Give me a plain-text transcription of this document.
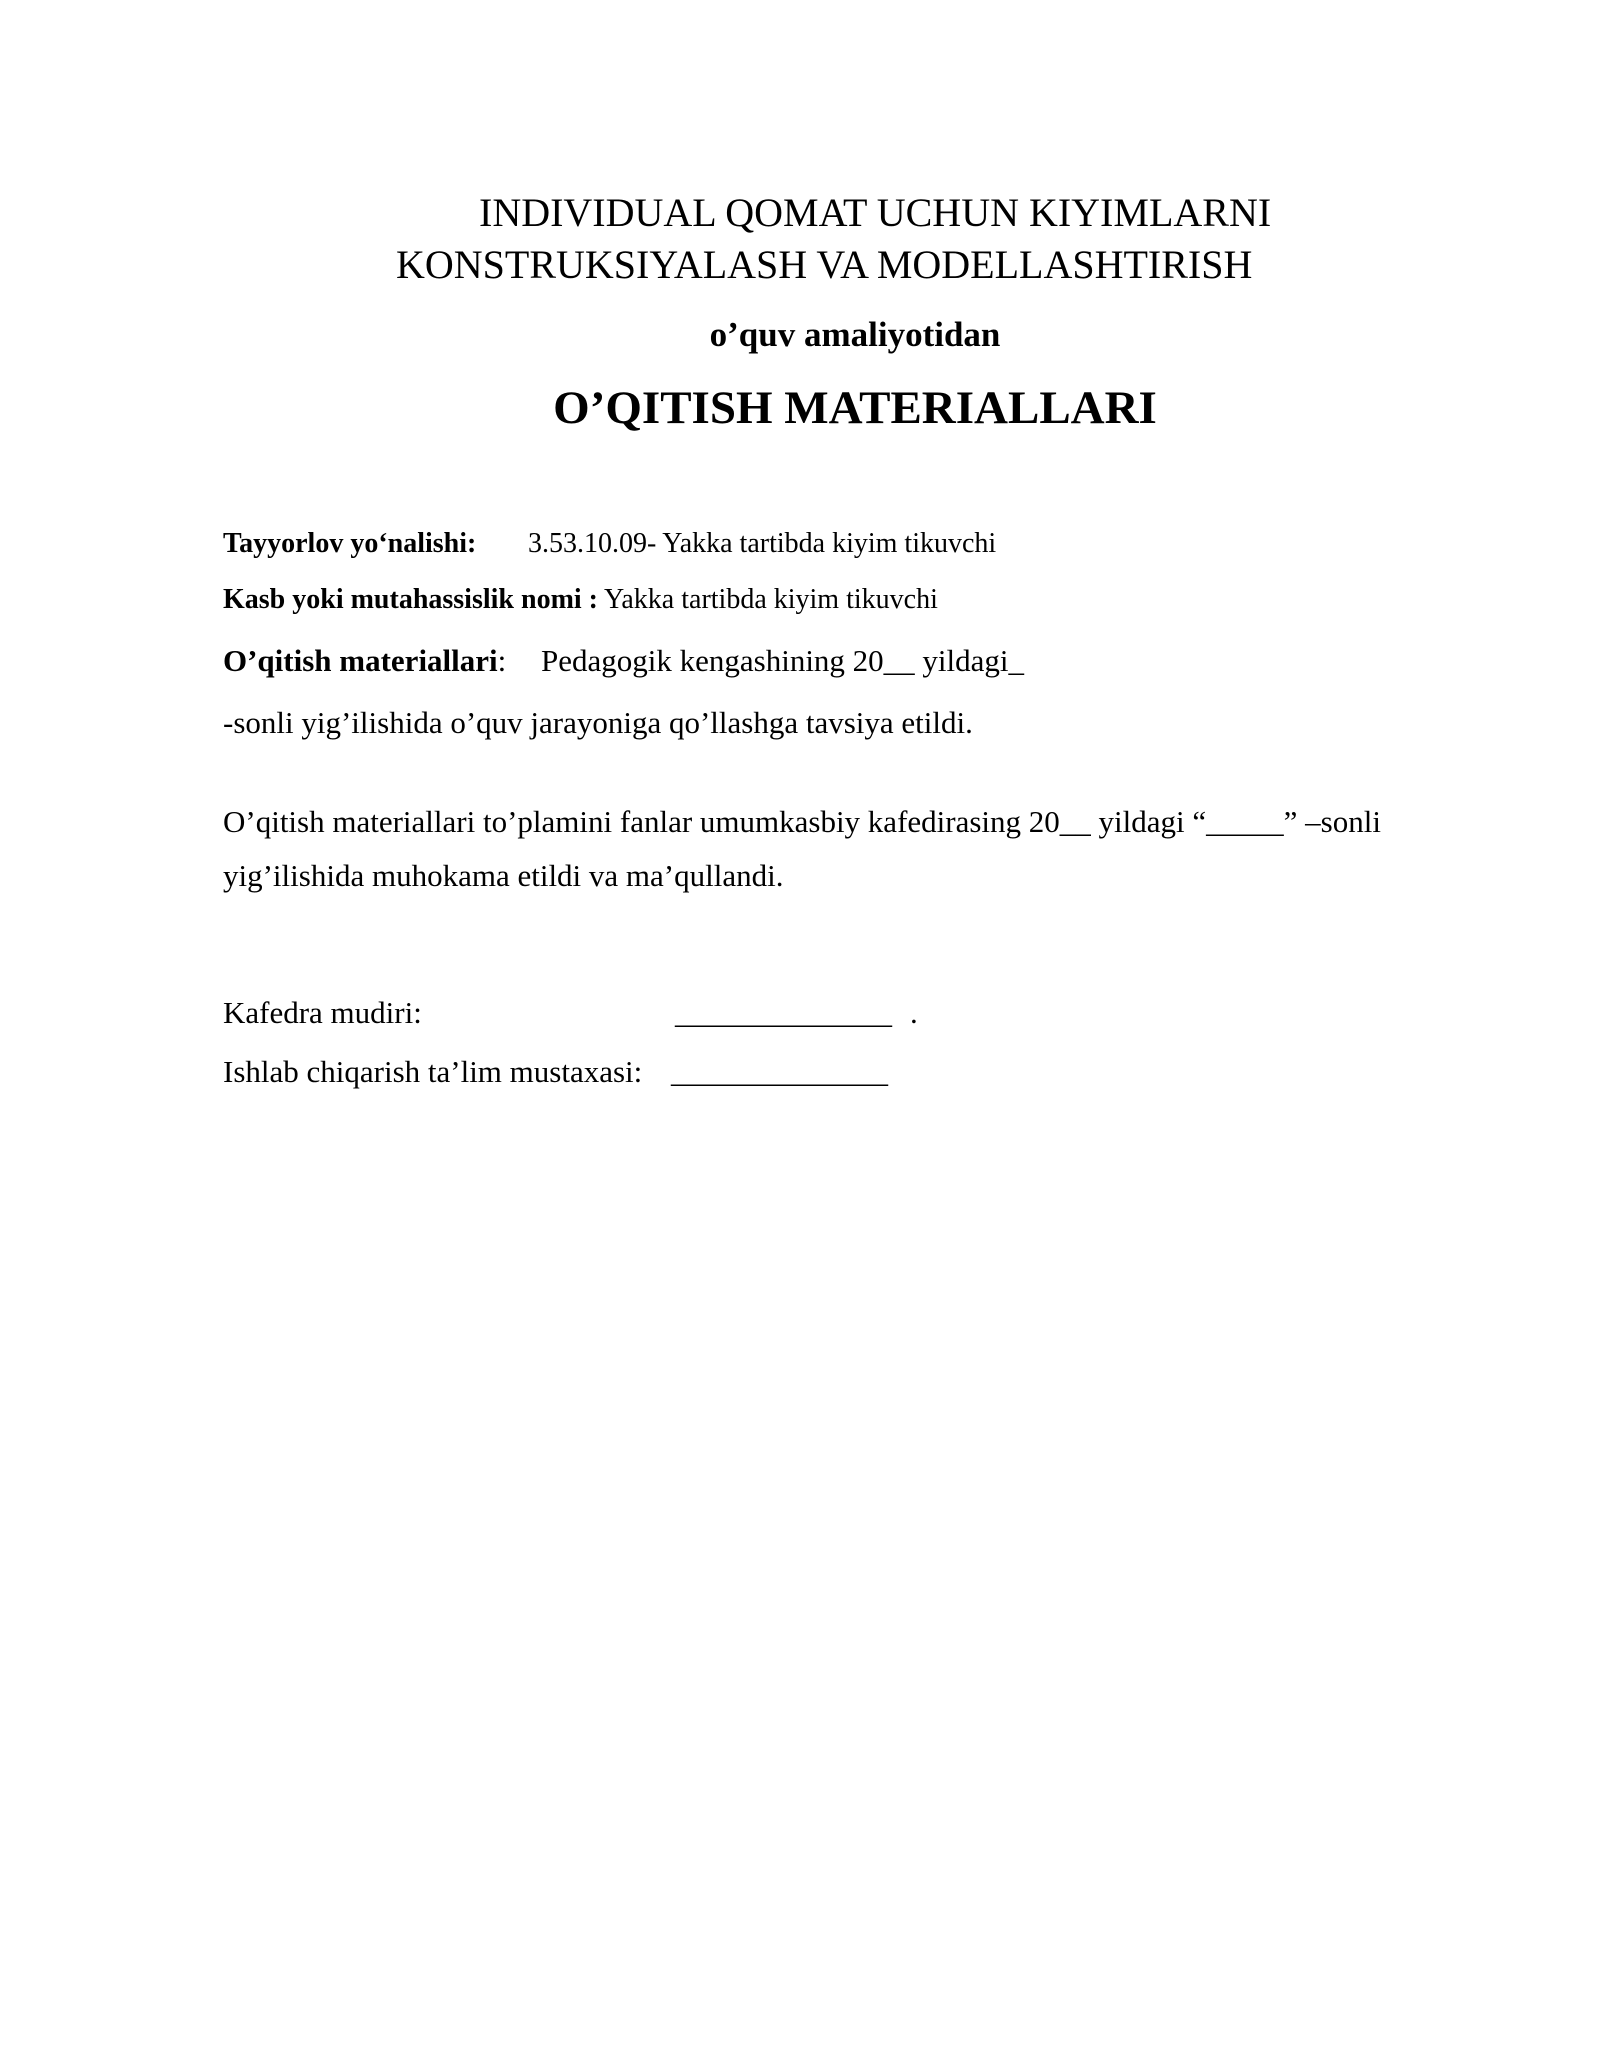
INDIVIDUAL QOMAT UCHUN KIYIMLARNI
KONSTRUKSIYALASH VA MODELLASHTIRISH
o’quv amaliyotidan
O’QITISH MATERIALLARI
Tayyorlov yo‘nalishi: 3.53.10.09- Yakka tartibda kiyim tikuvchi
Kasb yoki mutahassislik nomi : Yakka tartibda kiyim tikuvchi
O’qitish materiallari: Pedagogik kengashining 20__ yildagi_
-sonli yig’ilishida o’quv jarayoniga qo’llashga tavsiya etildi.
O’qitish materiallari to’plamini fanlar umumkasbiy kafedirasing 20__ yildagi “_____” –sonli
yig’ilishida muhokama etildi va ma’qullandi.
Kafedra mudiri:	______________ .
Ishlab chiqarish ta’lim mustaxasi: ______________
